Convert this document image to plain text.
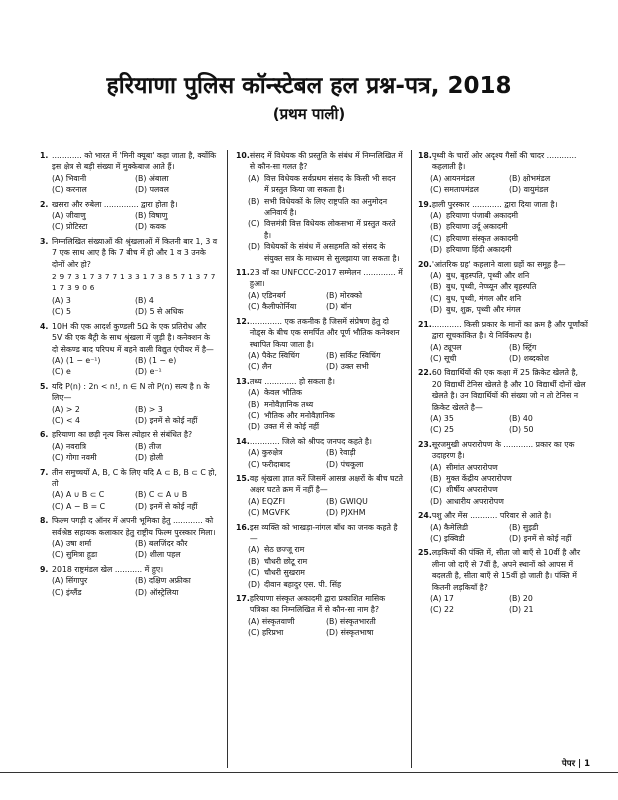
हरियाणा पुलिस कॉन्स्टेबल हल प्रश्न-पत्र, 2018
(प्रथम पाली)
1. ............ को भारत में 'मिनी क्यूबा' कहा जाता है, क्योंकि इस क्षेत्र से बड़ी संख्या में मुक्केबाज आते हैं।
(A) भिवानी	(B) अंबाला
(C) करनाल	(D) पलवल
2. खसरा और रुबेला .............. द्वारा होता है।
(A) जीवाणु	(B) विषाणु
(C) प्रोटिस्टा	(D) कवक
3. निम्नलिखित संख्याओं की श्रृंखलाओं में कितनी बार 1, 3 व 7 एक साथ आए है कि 7 बीच में हो और 1 व 3 उनके दोनों ओर हो?
2 9 7 3 1 7 3 7 7 1 3 3 1 7 3 8 5 7 1 3 7 7 1 7 3 9 0 6
(A) 3	(B) 4
(C) 5	(D) 5 से अधिक
4. 10H की एक आदर्श कुण्डली 5Ω के एक प्रतिरोध और 5V की एक बैट्री के साथ श्रृंखला में जुड़ी है। कनेक्शन के दो सेकण्ड बाद परिपथ में बहने वाली विद्युत एंपीयर में है—
(A) (1 − e⁻¹)	(B) (1 − e)
(C) e	(D) e⁻¹
5. यदि P(n) : 2n < n!, n ∈ N तो P(n) सत्य है n के लिए—
(A) > 2	(B) > 3
(C) < 4	(D) इनमें से कोई नहीं
6. हरियाणा का छड़ी नृत्य किस त्योहार से संबंधित है?
(A) नवरात्रि	(B) तीज
(C) गोगा नवमी	(D) होली
7. तीन समुच्चयों A, B, C के लिए यदि A ⊂ B, B ⊂ C हो, तो
(A) A ∪ B ⊂ C	(B) C ⊂ A ∪ B
(C) A − B = C	(D) इनमें से कोई नहीं
8. फिल्म पगड़ी द ऑनर में अपनी भूमिका हेतु ............ को सर्वश्रेष्ठ सहायक कलाकार हेतु राष्ट्रीय फिल्म पुरस्कार मिला।
(A) उषा शर्मा	(B) बलजिंदर कौर
(C) सुमित्रा हूडा	(D) शीला पहल
9. 2018 राष्ट्रमंडल खेल ........... में हुए।
(A) सिंगापुर	(B) दक्षिण अफ्रीका
(C) इंग्लैंड	(D) ऑस्ट्रेलिया
10. संसद में विधेयक की प्रस्तुति के संबंध में निम्नलिखित में से कौन-सा गलत है?
(A) वित्त विधेयक सर्वप्रथम संसद के किसी भी सदन में प्रस्तुत किया जा सकता है।
(B) सभी विधेयकों के लिए राष्ट्रपति का अनुमोदन अनिवार्य है।
(C) वित्तमंत्री वित्त विधेयक लोकसभा में प्रस्तुत करते है।
(D) विधेयकों के संबंध में असहमति को संसद के संयुक्त सत्र के माध्यम से सुलझाया जा सकता है।
11. 23 वाँ का UNFCCC-2017 सम्मेलन ............. में हुआ।
(A) एडिनबर्ग	(B) मोरक्को
(C) कैलीफोर्निया	(D) बॉन
12. ............. एक तकनीक है जिसमें संप्रेषण हेतु दो नोड्स के बीच एक समर्पित और पूर्ण भौतिक कनेक्शन स्थापित किया जाता है।
(A) पैकेट स्विचिंग	(B) सर्किट स्विचिंग
(C) लैन	(D) उक्त सभी
13. तथ्य ............. हो सकता है।
(A) केवल भौतिक
(B) मनोवैज्ञानिक तथ्य
(C) भौतिक और मनोवैज्ञानिक
(D) उक्त में से कोई नहीं
14. ............ जिले को श्रीपद जनपद कहते है।
(A) कुरुक्षेत्र	(B) रेवाड़ी
(C) फरीदाबाद	(D) पंचकूला
15. वह श्रृंखला ज्ञात करें जिसमें आसन्न अक्षरों के बीच घटते अक्षर घटते क्रम में नहीं है—
(A) EQZFI	(B) GWIQU
(C) MGVFK	(D) PJXHM
16. इस व्यक्ति को भाखड़ा-नांगल बाँध का जनक कहते है—
(A) सेठ छज्जू राम
(B) चौधरी छोटू राम
(C) चौधरी सुखराम
(D) दीवान बहादुर एस. पी. सिंह
17. हरियाणा संस्कृत अकादमी द्वारा प्रकाशित मासिक पत्रिका का निम्नलिखित में से कौन-सा नाम है?
(A) संस्कृतवाणी	(B) संस्कृतभारती
(C) हरिप्रभा	(D) संस्कृतभाषा
18. पृथ्वी के चारों ओर अदृश्य गैसों की चादर ............ कहलाती है।
(A) आयनमंडल	(B) क्षोभमंडल
(C) समतापमंडल	(D) वायुमंडल
19. हाली पुरस्कार ............ द्वारा दिया जाता है।
(A) हरियाणा पंजाबी अकादमी
(B) हरियाणा उर्दू अकादमी
(C) हरियाणा संस्कृत अकादमी
(D) हरियाणा हिंदी अकादमी
20. 'आंतरिक ग्रह' कहलाने वाला ग्रहों का समूह है—
(A) बुध, बृहस्पति, पृथ्वी और शनि
(B) बुध, पृथ्वी, नेप्च्यून और बृहस्पति
(C) बुध, पृथ्वी, मंगल और शनि
(D) बुध, शुक्र, पृथ्वी और मंगल
21. ............ किसी प्रकार के मानों का क्रम है और पूर्णांकों द्वारा सूचकांकित है। ये निर्विकल्प है।
(A) ट्यूपल	(B) स्ट्रिंग
(C) सूची	(D) शब्दकोश
22. 60 विद्यार्थियों की एक कक्षा में 25 क्रिकेट खेलते है, 20 विद्यार्थी टेनिस खेलते है और 10 विद्यार्थी दोनों खेल खेलते है। उन विद्यार्थियों की संख्या जो न तो टेनिस न क्रिकेट खेलते है—
(A) 35	(B) 40
(C) 25	(D) 50
23. सूरजमुखी अपरारोपण के ............ प्रकार का एक उदाहरण है।
(A) सीमांत अपरारोपण
(B) मुक्त केंद्रीय अपरारोपण
(C) शीर्षीय अपरारोपण
(D) आधारीय अपरारोपण
24. पशु और मेंस ........... परिवार से आते है।
(A) कैमेलिडी	(B) सुइडी
(C) इक्विडी	(D) इनमें से कोई नहीं
25. लड़कियों की पंक्ति में, सीता जो बाएँ से 10वीं है और लीना जो दाएँ से 7वीं है, अपने स्थानों को आपस में बदलती है, सीता बाएँ से 15वीं हो जाती है। पंक्ति में कितनी लड़कियाँ है?
(A) 17	(B) 20
(C) 22	(D) 21
पेपर | 1
